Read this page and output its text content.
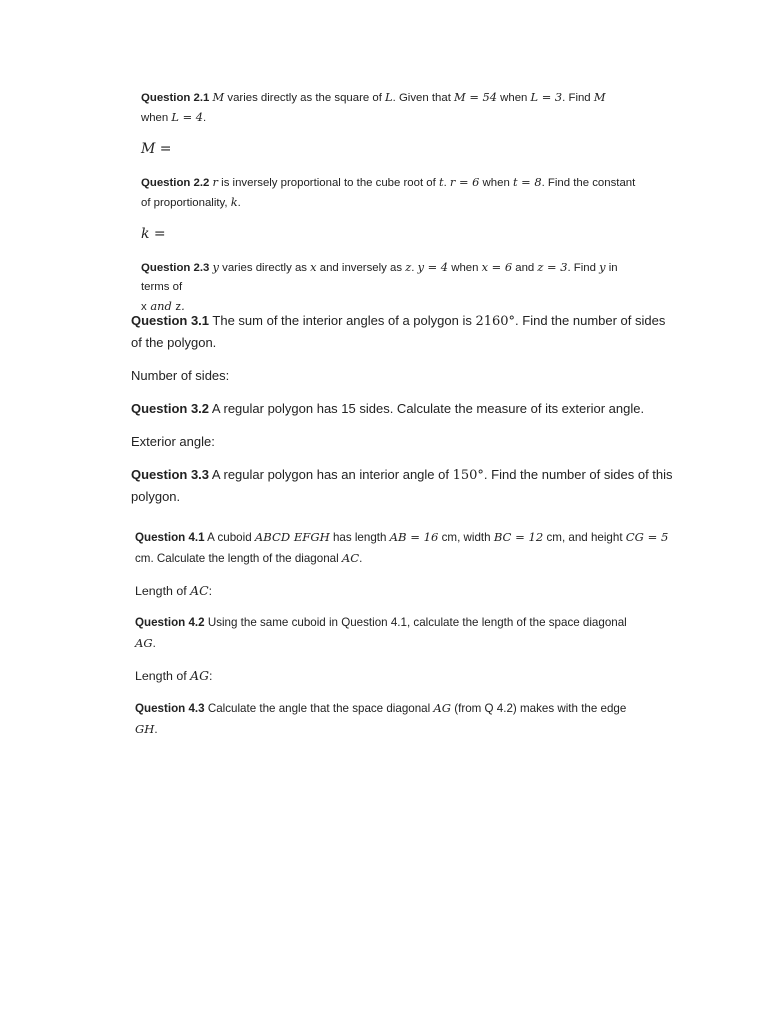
Question 2.1 M varies directly as the square of L. Given that M = 54 when L = 3. Find M
when L = 4.

M =

Question 2.2 r is inversely proportional to the cube root of t. r = 6 when t = 8. Find the constant of proportionality, k.

k =

Question 2.3 y varies directly as x and inversely as z. y = 4 when x = 6 and z = 3. Find y in terms of
x and z.

Question 3.1 The sum of the interior angles of a polygon is 2160°. Find the number of sides of the polygon.

Number of sides:

Question 3.2 A regular polygon has 15 sides. Calculate the measure of its exterior angle.

Exterior angle:

Question 3.3 A regular polygon has an interior angle of 150°. Find the number of sides of this polygon.

Question 4.1 A cuboid ABCD EFGH has length AB = 16 cm, width BC = 12 cm, and height CG = 5 cm. Calculate the length of the diagonal AC.

Length of AC:

Question 4.2 Using the same cuboid in Question 4.1, calculate the length of the space diagonal
AG.

Length of AG:

Question 4.3 Calculate the angle that the space diagonal AG (from Q 4.2) makes with the edge
GH.
